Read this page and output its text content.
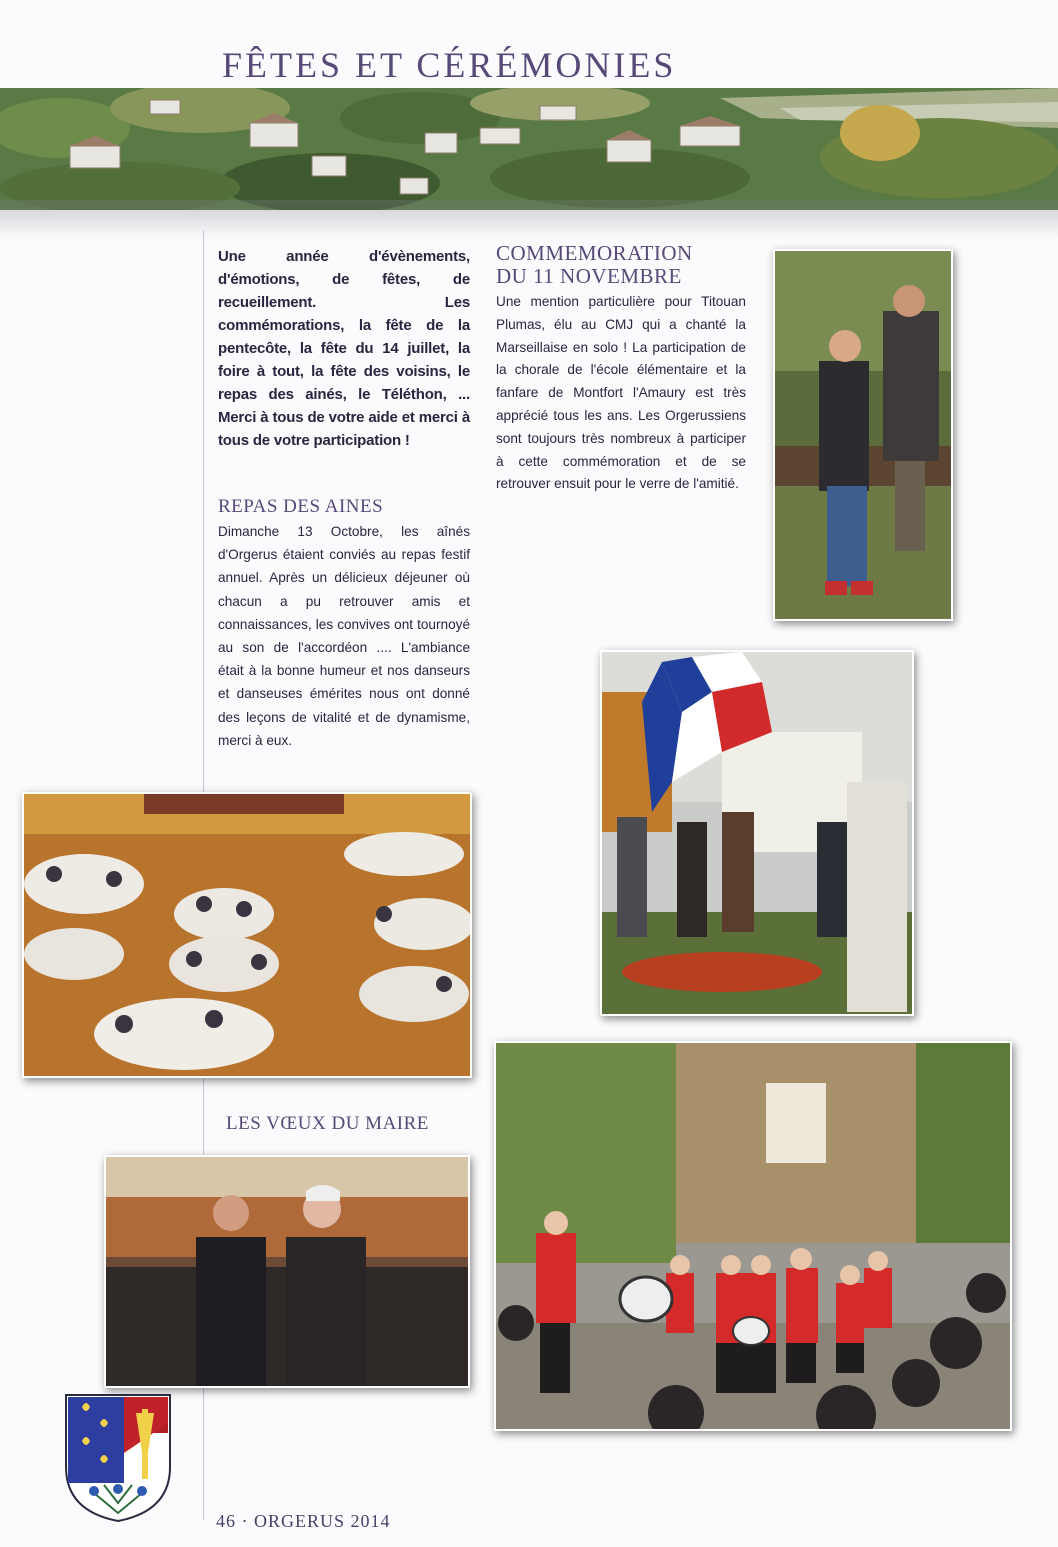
FÊTES ET CÉRÉMONIES

Une année d'évènements, d'émotions, de fêtes, de recueillement. Les commémorations, la fête de la pentecôte, la fête du 14 juillet, la foire à tout, la fête des voisins, le repas des ainés, le Téléthon, ... Merci à tous de votre aide et merci à tous de votre participation !

COMMEMORATION
DU 11 NOVEMBRE

Une mention particulière pour Titouan Plumas, élu au CMJ qui a chanté la Marseillaise en solo ! La participation de la chorale de l'école élémentaire et la fanfare de Montfort l'Amaury est très apprécié tous les ans. Les Orgerussiens sont toujours très nombreux à participer à cette commémoration et de se retrouver ensuit pour le verre de l'amitié.

REPAS DES AINES

Dimanche 13 Octobre, les aînés d'Orgerus étaient conviés au repas festif annuel. Après un délicieux déjeuner où chacun a pu retrouver amis et connaissances, les convives ont tournoyé au son de l'accordéon .... L'ambiance était à la bonne humeur et nos danseurs et danseuses émérites nous ont donné des leçons de vitalité et de dynamisme, merci à eux.

LES VŒUX DU MAIRE

46 · ORGERUS 2014
